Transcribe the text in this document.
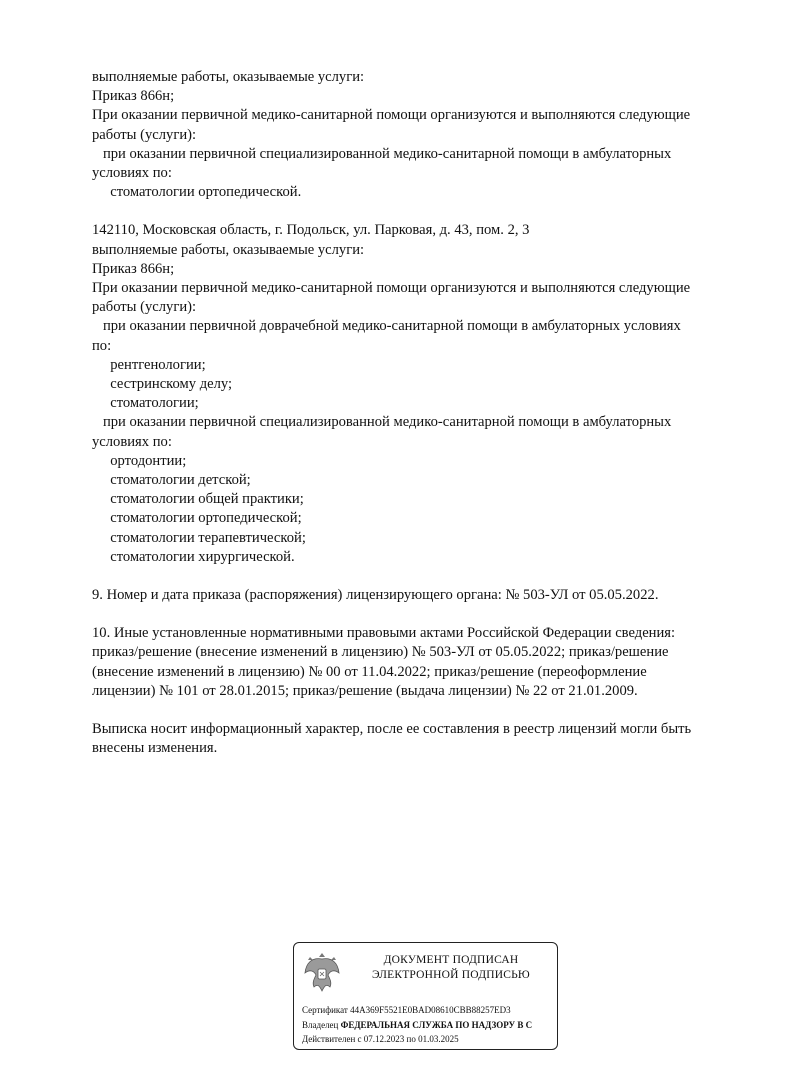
выполняемые работы, оказываемые услуги:
Приказ 866н;
При оказании первичной медико-санитарной помощи организуются и выполняются следующие
работы (услуги):
при оказании первичной специализированной медико-санитарной помощи в амбулаторных
условиях по:
стоматологии ортопедической.
142110, Московская область, г. Подольск, ул. Парковая, д. 43, пом. 2, 3
выполняемые работы, оказываемые услуги:
Приказ 866н;
При оказании первичной медико-санитарной помощи организуются и выполняются следующие
работы (услуги):
при оказании первичной доврачебной медико-санитарной помощи в амбулаторных условиях
по:
рентгенологии;
сестринскому делу;
стоматологии;
при оказании первичной специализированной медико-санитарной помощи в амбулаторных
условиях по:
ортодонтии;
стоматологии детской;
стоматологии общей практики;
стоматологии ортопедической;
стоматологии терапевтической;
стоматологии хирургической.
9. Номер и дата приказа (распоряжения) лицензирующего органа: № 503-УЛ от 05.05.2022.
10. Иные установленные нормативными правовыми актами Российской Федерации сведения:
приказ/решение (внесение изменений в лицензию) № 503-УЛ от 05.05.2022; приказ/решение
(внесение изменений в лицензию) № 00 от 11.04.2022; приказ/решение (переоформление
лицензии) № 101 от 28.01.2015; приказ/решение (выдача лицензии) № 22 от 21.01.2009.
Выписка носит информационный характер, после ее составления в реестр лицензий могли быть
внесены изменения.
ДОКУМЕНТ ПОДПИСАН
ЭЛЕКТРОННОЙ ПОДПИСЬЮ
Сертификат 44A369F5521E0BAD08610CBB88257ED3
Владелец ФЕДЕРАЛЬНАЯ СЛУЖБА ПО НАДЗОРУ В С
Действителен с 07.12.2023 по 01.03.2025
